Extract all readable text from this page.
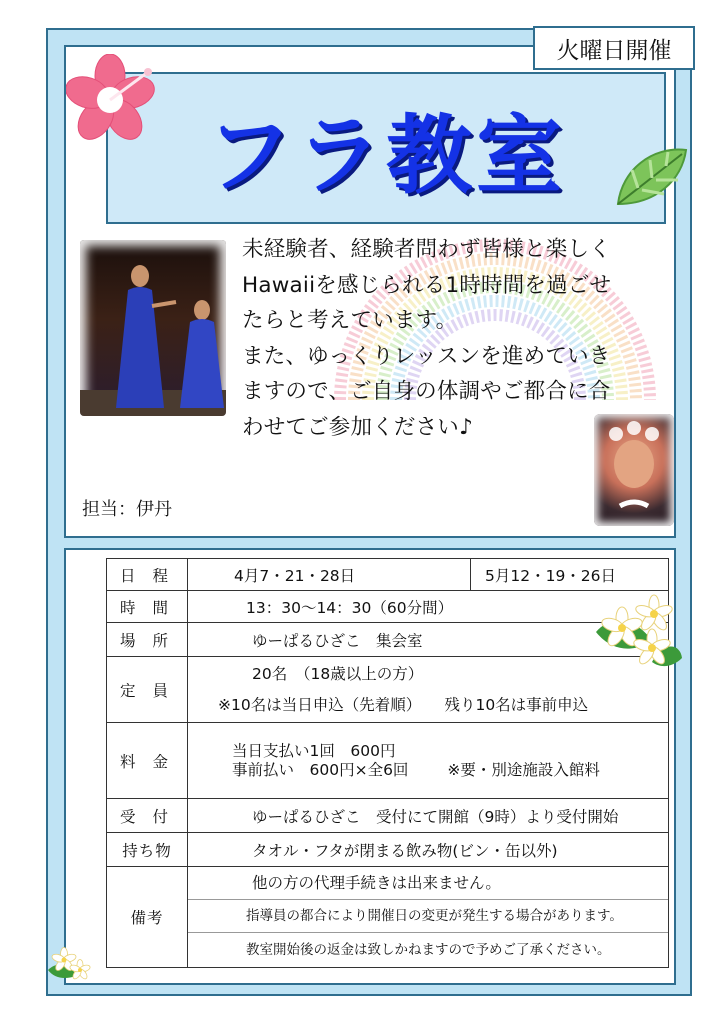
フラ教室
火曜日開催
未経験者、経験者問わず皆様と楽しく
Hawaiiを感じられる1時時間を過ごせ
たらと考えています。
また、ゆっくりレッスンを進めていき
ますので、ご自身の体調やご都合に合
わせてご参加ください♪
担当：伊丹
日 程	4月7・21・28日	5月12・19・26日
時 間	13：30～14：30（60分間）	
場 所	ゆーぱるひざこ　集会室	
定 員	20名　（18歳以上の方）
※10名は当日申込（先着順）　　残り10名は事前申込	

料 金	当日支払い1回　600円
事前払い　600円×全6回 ※要・別途施設入館料	

受 付	ゆーぱるひざこ　受付にて開館（9時）より受付開始	
持ち物	タオル・フタが閉まる飲み物(ビン・缶以外)	
備考	他の方の代理手続きは出来ません。
指導員の都合により開催日の変更が発生する場合があります。
教室開始後の返金は致しかねますので予めご了承ください。	
